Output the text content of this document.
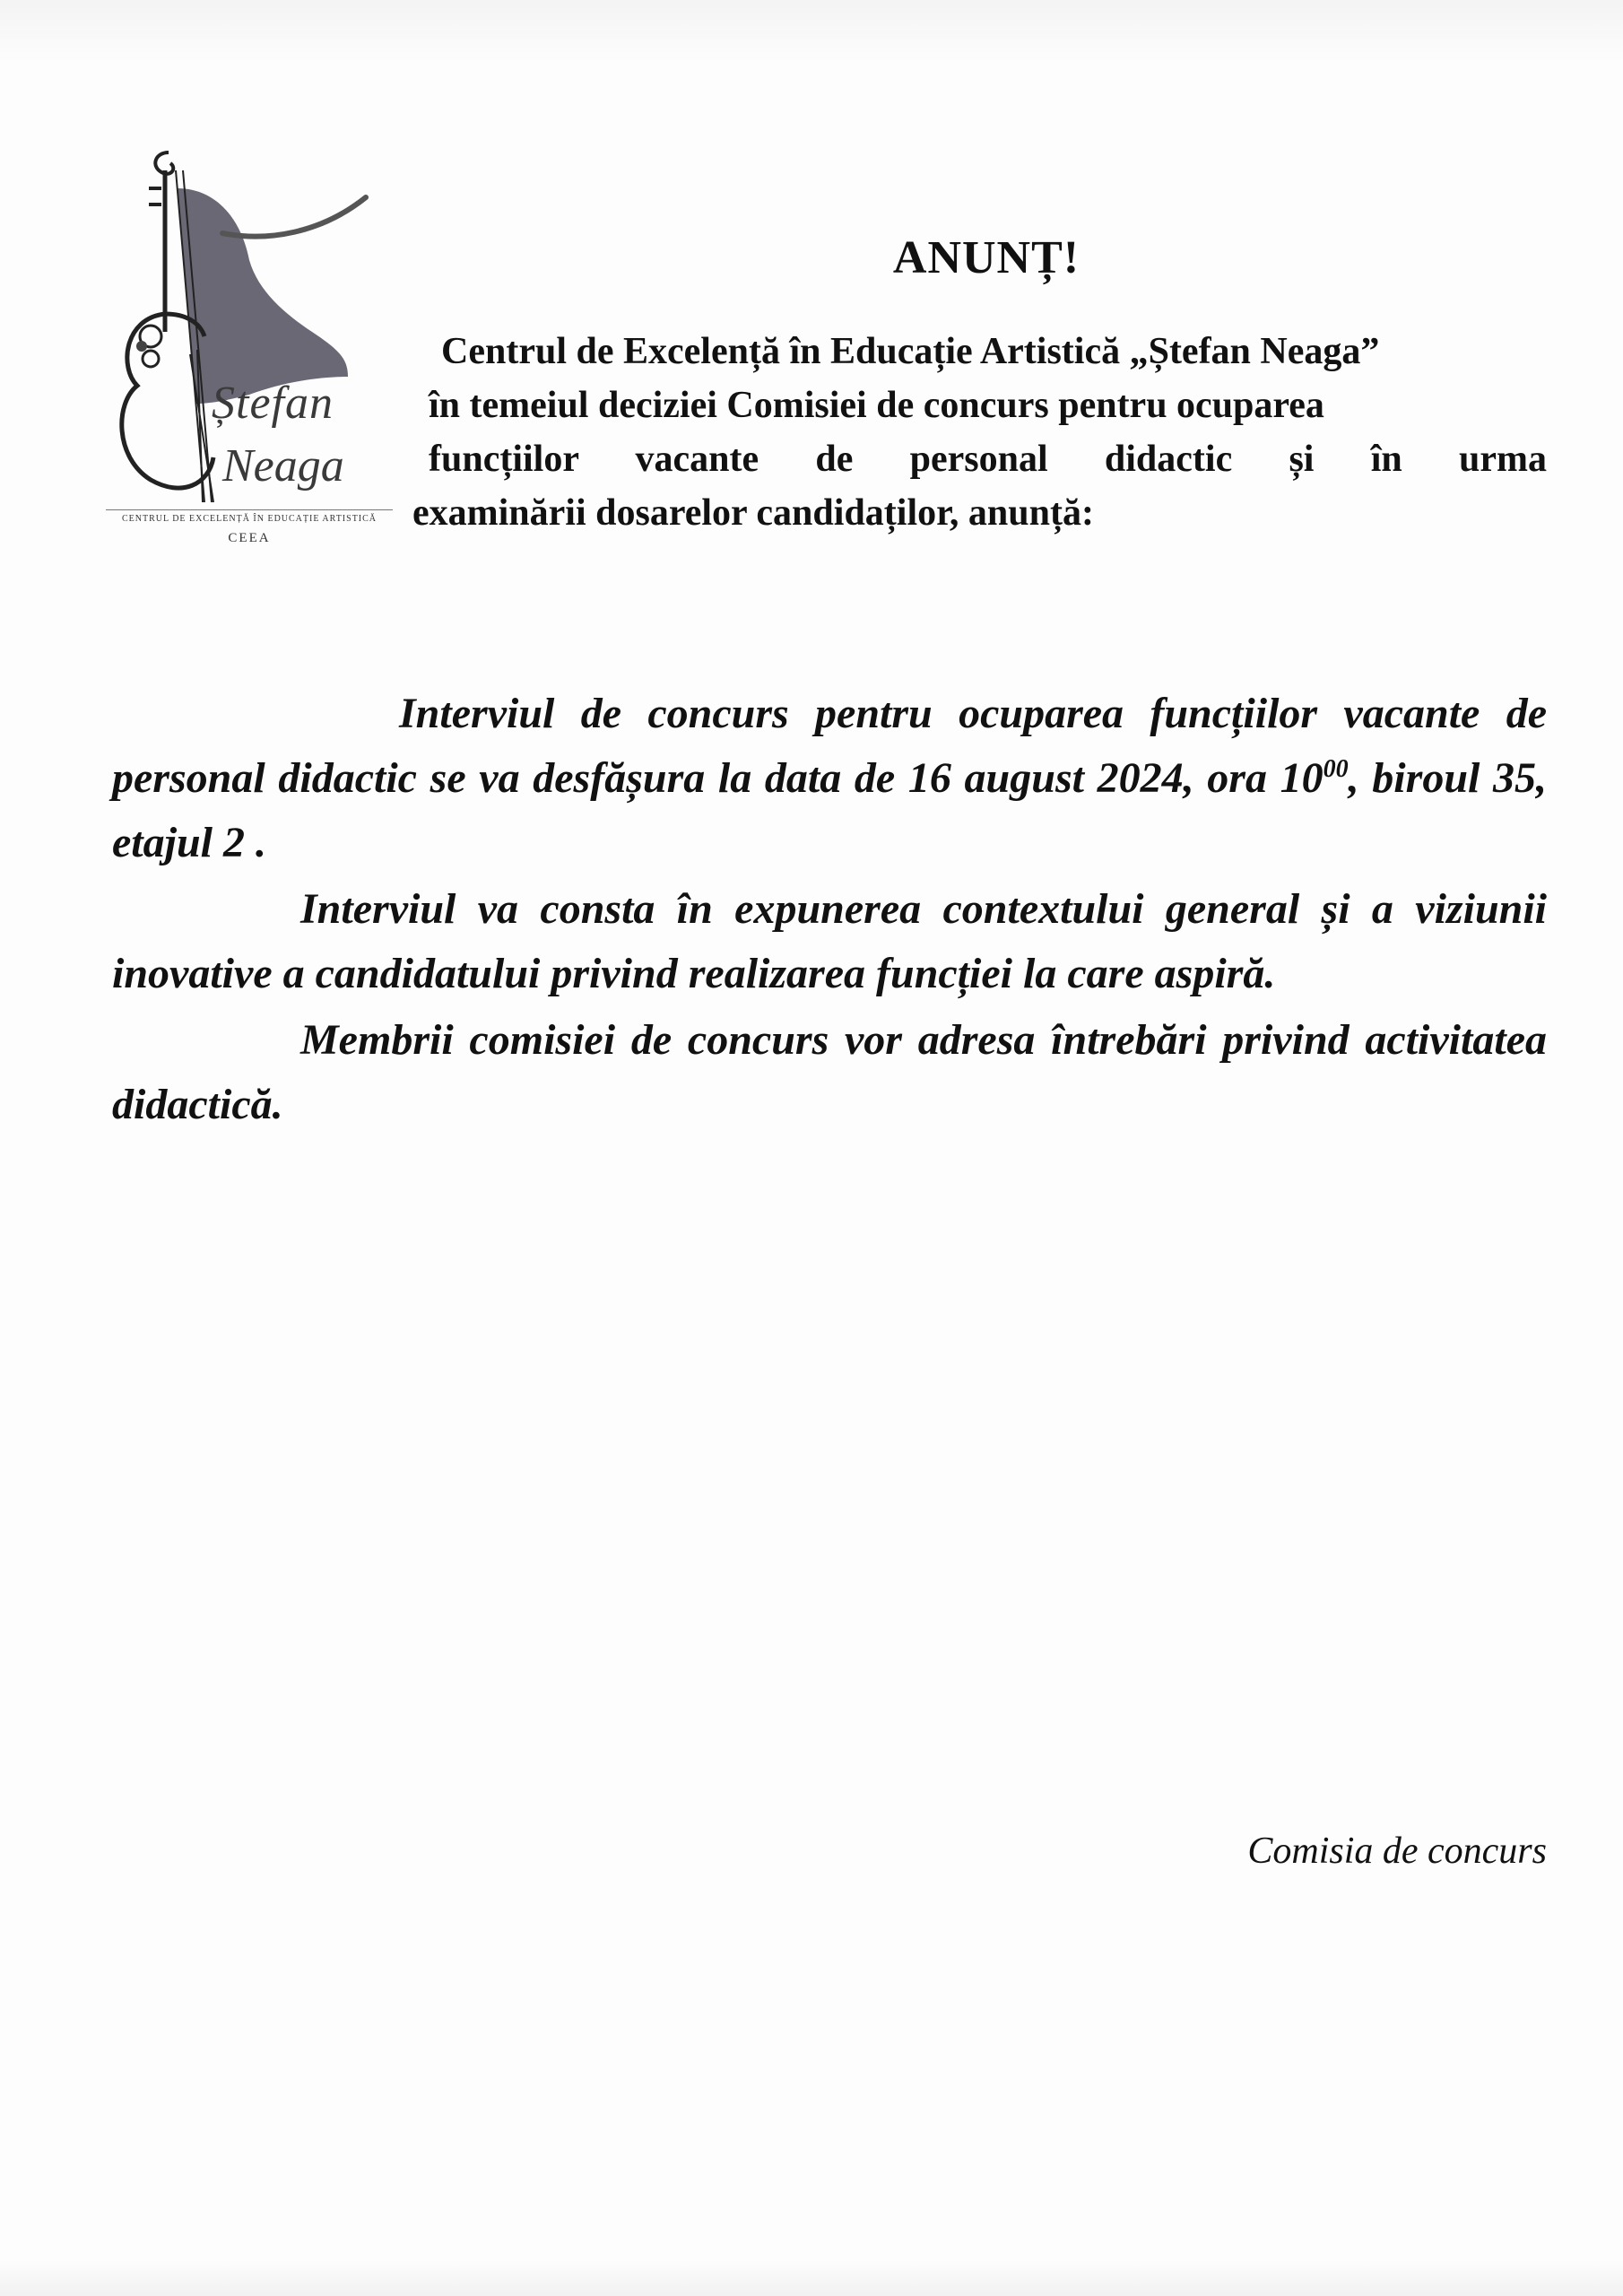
Ștefan
Neaga
CENTRUL DE EXCELENȚĂ ÎN EDUCAȚIE ARTISTICĂ
CEEA
ANUNȚ!

Centrul de Excelență în Educație Artistică „Ștefan Neaga”
în temeiul deciziei Comisiei de concurs pentru ocuparea
funcțiilor vacante de personal didactic și în urma
examinării dosarelor candidaților, anunță:

Interviul de concurs pentru ocuparea funcțiilor vacante de personal didactic se va desfășura la data de 16 august 2024, ora $10^{00}$, biroul 35, etajul 2 .

Interviul va consta în expunerea contextului general și a viziunii inovative a candidatului privind realizarea funcției la care aspiră.

Membrii comisiei de concurs vor adresa întrebări privind activitatea didactică.

Comisia de concurs
